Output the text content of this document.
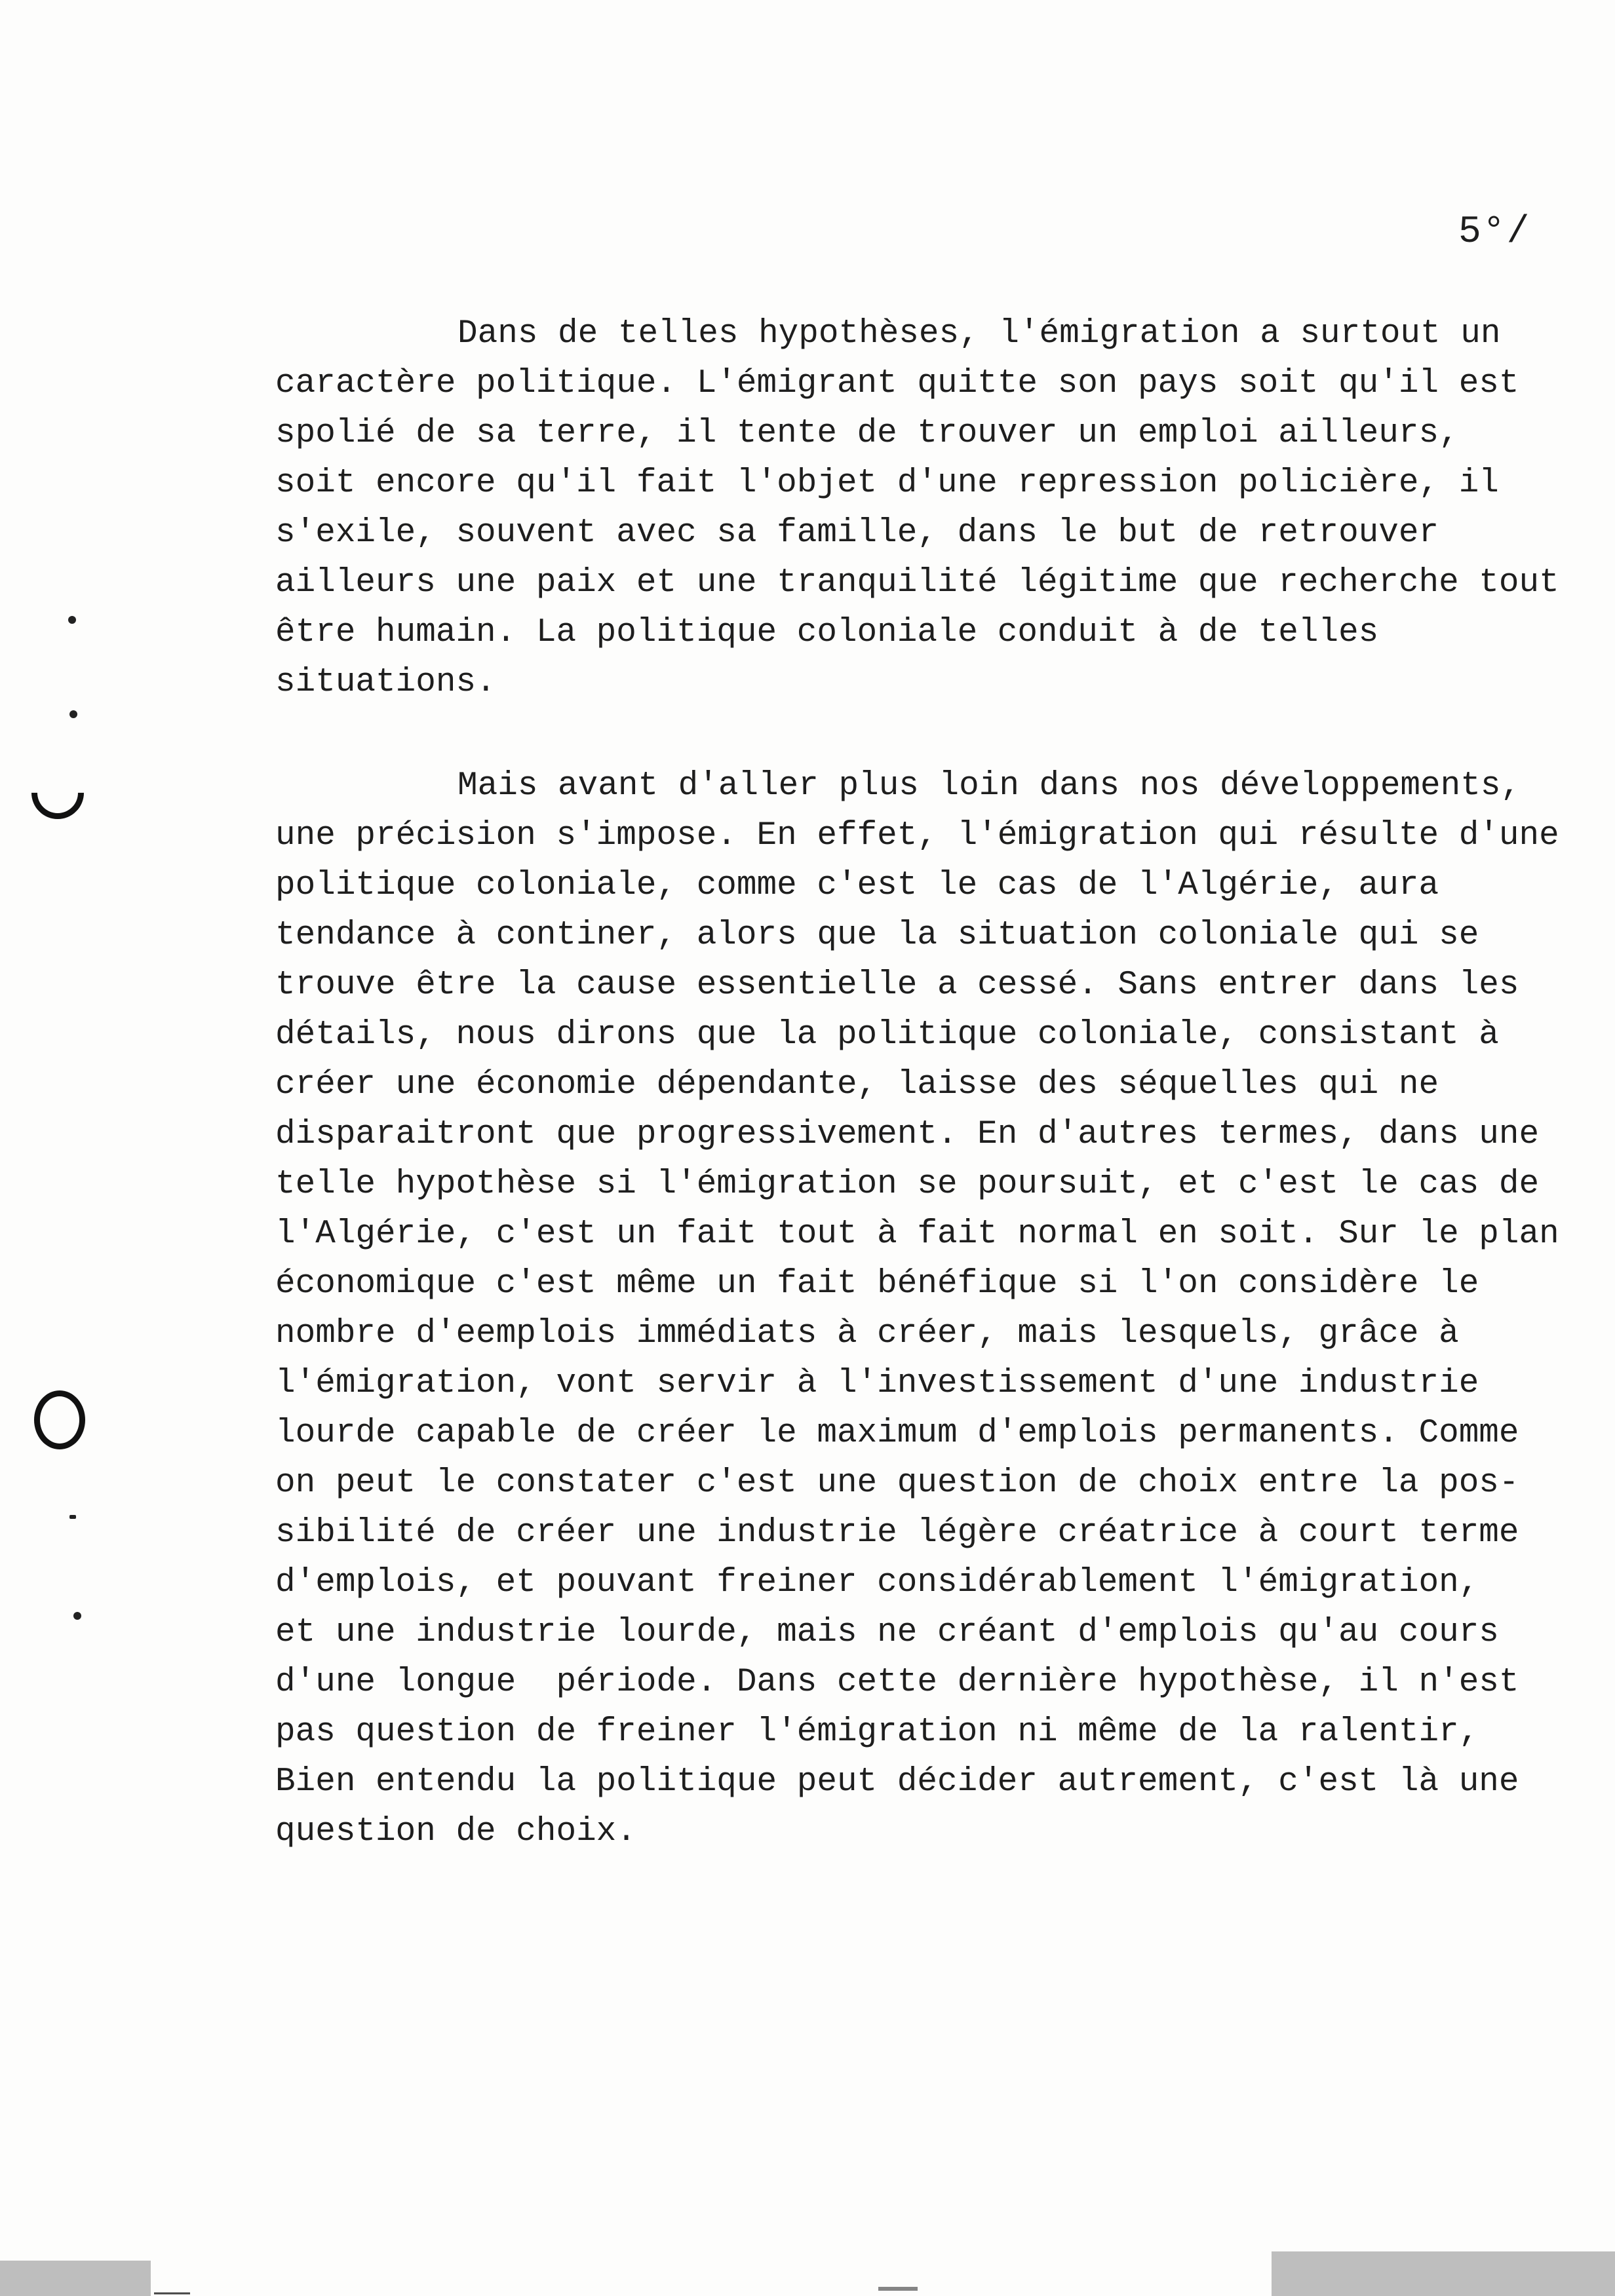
5°/
Dans de telles hypothèses, l'émigration a surtout un
caractère politique. L'émigrant quitte son pays soit qu'il est
spolié de sa terre, il tente de trouver un emploi ailleurs,
soit encore qu'il fait l'objet d'une repression policière, il
s'exile, souvent avec sa famille, dans le but de retrouver
ailleurs une paix et une tranquilité légitime que recherche tout
être humain. La politique coloniale conduit à de telles
situations.
Mais avant d'aller plus loin dans nos développements,
une précision s'impose. En effet, l'émigration qui résulte d'une
politique coloniale, comme c'est le cas de l'Algérie, aura
tendance à continer, alors que la situation coloniale qui se
trouve être la cause essentielle a cessé. Sans entrer dans les
détails, nous dirons que la politique coloniale, consistant à
créer une économie dépendante, laisse des séquelles qui ne
disparaitront que progressivement. En d'autres termes, dans une
telle hypothèse si l'émigration se poursuit, et c'est le cas de
l'Algérie, c'est un fait tout à fait normal en soit. Sur le plan
économique c'est même un fait bénéfique si l'on considère le
nombre d'eemplois immédiats à créer, mais lesquels, grâce à
l'émigration, vont servir à l'investissement d'une industrie
lourde capable de créer le maximum d'emplois permanents. Comme
on peut le constater c'est une question de choix entre la pos-
sibilité de créer une industrie légère créatrice à court terme
d'emplois, et pouvant freiner considérablement l'émigration,
et une industrie lourde, mais ne créant d'emplois qu'au cours
d'une longue  période. Dans cette dernière hypothèse, il n'est
pas question de freiner l'émigration ni même de la ralentir,
Bien entendu la politique peut décider autrement, c'est là une
question de choix.
